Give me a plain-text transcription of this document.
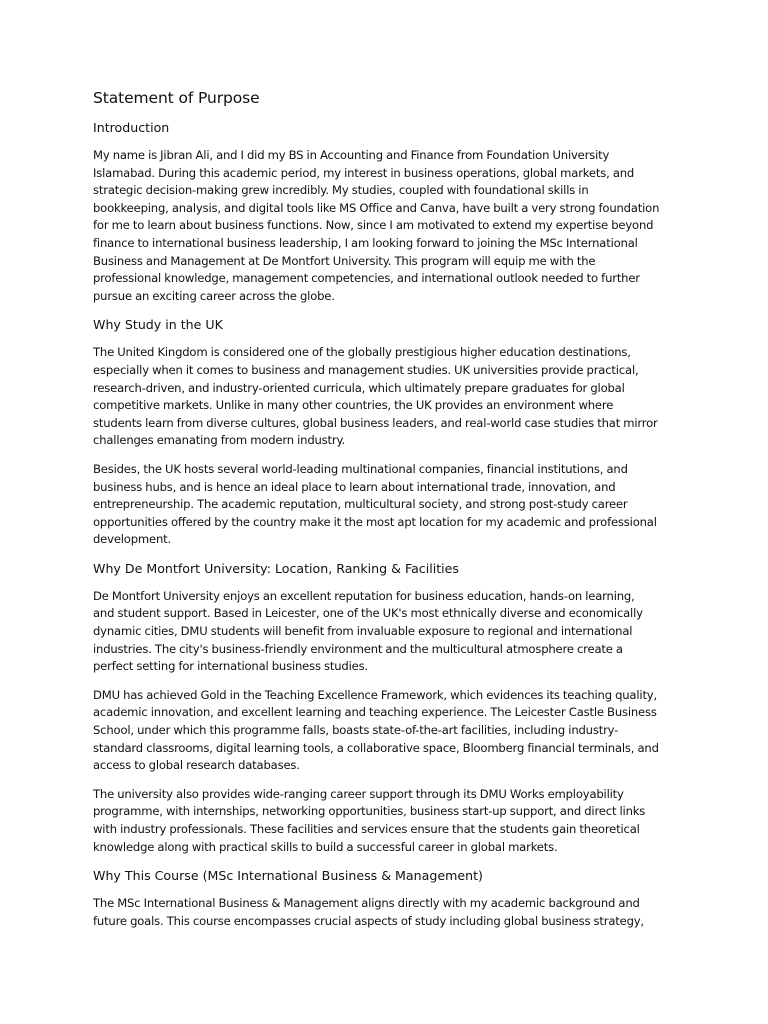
Statement of Purpose
Introduction

My name is Jibran Ali, and I did my BS in Accounting and Finance from Foundation University
Islamabad. During this academic period, my interest in business operations, global markets, and
strategic decision-making grew incredibly. My studies, coupled with foundational skills in
bookkeeping, analysis, and digital tools like MS Office and Canva, have built a very strong foundation
for me to learn about business functions. Now, since I am motivated to extend my expertise beyond
finance to international business leadership, I am looking forward to joining the MSc International
Business and Management at De Montfort University. This program will equip me with the
professional knowledge, management competencies, and international outlook needed to further
pursue an exciting career across the globe.

Why Study in the UK

The United Kingdom is considered one of the globally prestigious higher education destinations,
especially when it comes to business and management studies. UK universities provide practical,
research-driven, and industry-oriented curricula, which ultimately prepare graduates for global
competitive markets. Unlike in many other countries, the UK provides an environment where
students learn from diverse cultures, global business leaders, and real-world case studies that mirror
challenges emanating from modern industry.

Besides, the UK hosts several world-leading multinational companies, financial institutions, and
business hubs, and is hence an ideal place to learn about international trade, innovation, and
entrepreneurship. The academic reputation, multicultural society, and strong post-study career
opportunities offered by the country make it the most apt location for my academic and professional
development.

Why De Montfort University: Location, Ranking & Facilities

De Montfort University enjoys an excellent reputation for business education, hands-on learning,
and student support. Based in Leicester, one of the UK's most ethnically diverse and economically
dynamic cities, DMU students will benefit from invaluable exposure to regional and international
industries. The city's business-friendly environment and the multicultural atmosphere create a
perfect setting for international business studies.

DMU has achieved Gold in the Teaching Excellence Framework, which evidences its teaching quality,
academic innovation, and excellent learning and teaching experience. The Leicester Castle Business
School, under which this programme falls, boasts state-of-the-art facilities, including industry-
standard classrooms, digital learning tools, a collaborative space, Bloomberg financial terminals, and
access to global research databases.

The university also provides wide-ranging career support through its DMU Works employability
programme, with internships, networking opportunities, business start-up support, and direct links
with industry professionals. These facilities and services ensure that the students gain theoretical
knowledge along with practical skills to build a successful career in global markets.

Why This Course (MSc International Business & Management)

The MSc International Business & Management aligns directly with my academic background and
future goals. This course encompasses crucial aspects of study including global business strategy,
